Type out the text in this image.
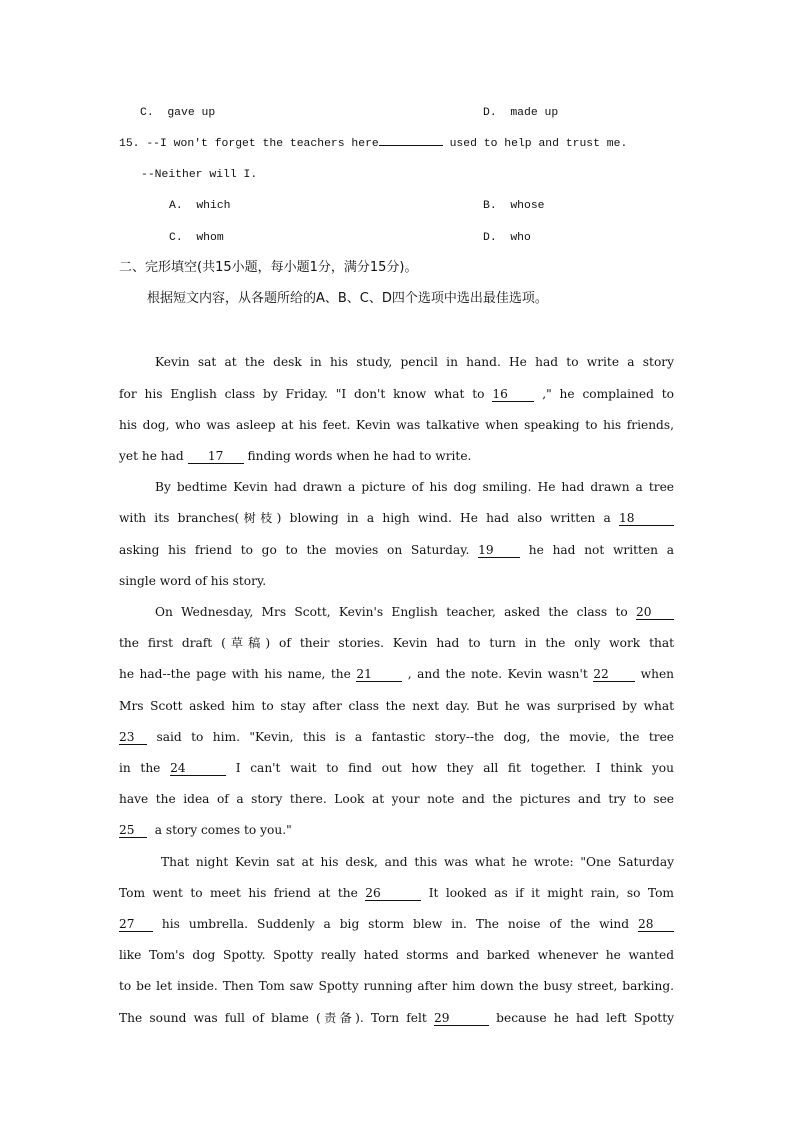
C.  gave up	D.  made up
15. --I won't forget the teachers here	used to help and trust me.
--Neither will I.
A.  which	B.  whose
C.  whom	D.  who
二、完形填空(共15小题，每小题1分，满分15分)。
根据短文内容，从各题所给的A、B、C、D四个选项中选出最佳选项。
Kevin sat at the desk in his study, pencil in hand. He had to write a story
for his English class by Friday. "I don't know what to 16 ," he complained to
his dog, who was asleep at his feet. Kevin was talkative when speaking to his friends,
yet he had 17 finding words when he had to write.
By bedtime Kevin had drawn a picture of his dog smiling. He had drawn a tree
with its branches(树枝) blowing in a high wind. He had also written a 18
asking his friend to go to the movies on Saturday. 19 he had not written a
single word of his story.
On Wednesday, Mrs Scott, Kevin's English teacher, asked the class to 20
the first draft (草稿) of their stories. Kevin had to turn in the only work that
he had--the page with his name, the 21 , and the note. Kevin wasn't 22 when
Mrs Scott asked him to stay after class the next day. But he was surprised by what
23 said to him. "Kevin, this is a fantastic story--the dog, the movie, the tree
in the 24	I can't wait to find out how they all fit together. I think you
have the idea of a story there. Look at your note and the pictures and try to see
25  a story comes to you."
That night Kevin sat at his desk, and this was what he wrote: "One Saturday
Tom went to meet his friend at the 26	It looked as if it might rain, so Tom
27 his umbrella. Suddenly a big storm blew in. The noise of the wind 28
like Tom's dog Spotty. Spotty really hated storms and barked whenever he wanted
to be let inside. Then Tom saw Spotty running after him down the busy street, barking.
The sound was full of blame (责备). Torn felt 29	because he had left Spotty
